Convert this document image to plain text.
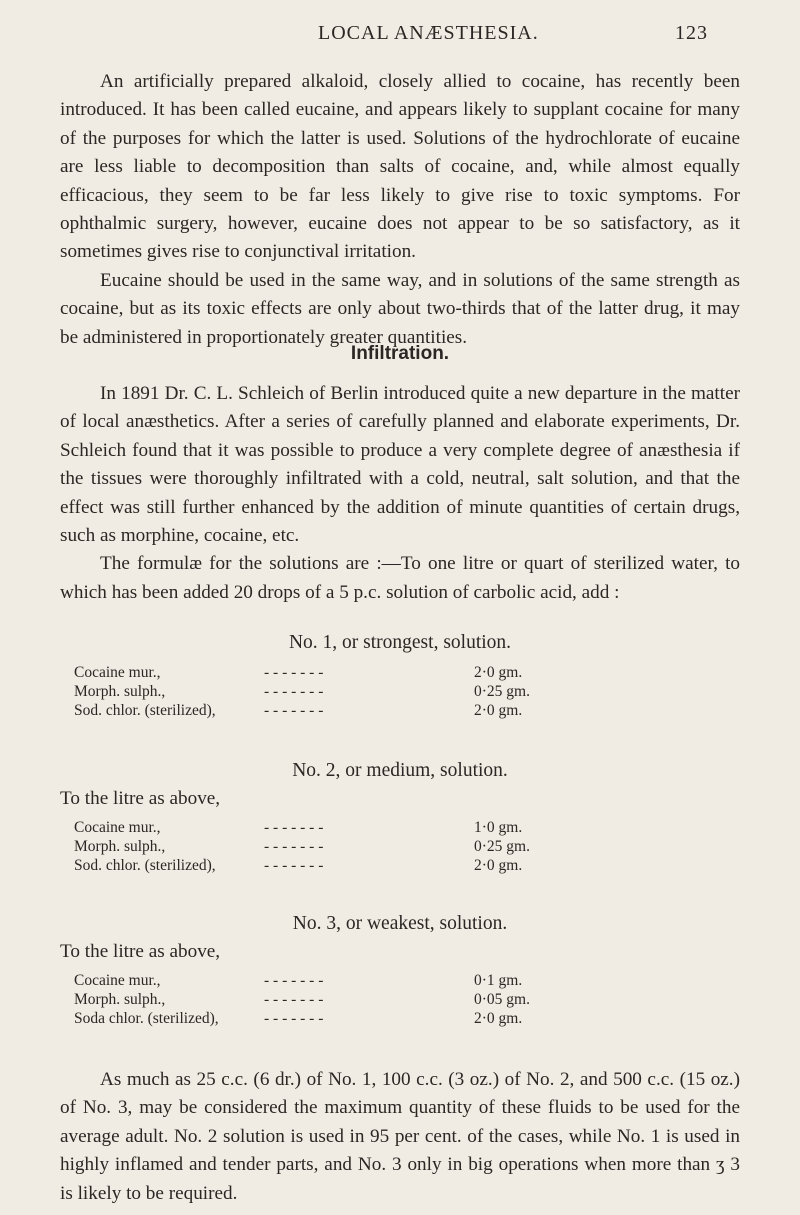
LOCAL ANÆSTHESIA.	123

An artificially prepared alkaloid, closely allied to cocaine, has recently been introduced. It has been called eucaine, and appears likely to supplant cocaine for many of the purposes for which the latter is used. Solutions of the hydrochlorate of eucaine are less liable to decomposition than salts of cocaine, and, while almost equally efficacious, they seem to be far less likely to give rise to toxic symptoms. For ophthalmic surgery, however, eucaine does not appear to be so satisfactory, as it sometimes gives rise to conjunctival irritation.

Eucaine should be used in the same way, and in solutions of the same strength as cocaine, but as its toxic effects are only about two-thirds that of the latter drug, it may be administered in proportionately greater quantities.

Infiltration.

In 1891 Dr. C. L. Schleich of Berlin introduced quite a new departure in the matter of local anæsthetics. After a series of carefully planned and elaborate experiments, Dr. Schleich found that it was possible to produce a very complete degree of anæsthesia if the tissues were thoroughly infiltrated with a cold, neutral, salt solution, and that the effect was still further enhanced by the addition of minute quantities of certain drugs, such as morphine, cocaine, etc.

The formulæ for the solutions are :—To one litre or quart of sterilized water, to which has been added 20 drops of a 5 p.c. solution of carbolic acid, add :

No. 1, or strongest, solution.
Cocaine mur.,	- - - - - - -	2·0 gm.
Morph. sulph.,	- - - - - - -	0·25 gm.
Sod. chlor. (sterilized),	- - - - - - -	2·0 gm.
No. 2, or medium, solution.
To the litre as above,
Cocaine mur.,	- - - - - - -	1·0 gm.
Morph. sulph.,	- - - - - - -	0·25 gm.
Sod. chlor. (sterilized),	- - - - - - -	2·0 gm.
No. 3, or weakest, solution.
To the litre as above,
Cocaine mur.,	- - - - - - -	0·1 gm.
Morph. sulph.,	- - - - - - -	0·05 gm.
Soda chlor. (sterilized),	- - - - - - -	2·0 gm.

As much as 25 c.c. (6 dr.) of No. 1, 100 c.c. (3 oz.) of No. 2, and 500 c.c. (15 oz.) of No. 3, may be considered the maximum quantity of these fluids to be used for the average adult. No. 2 solution is used in 95 per cent. of the cases, while No. 1 is used in highly inflamed and tender parts, and No. 3 only in big operations when more than ʒ 3 is likely to be required.
